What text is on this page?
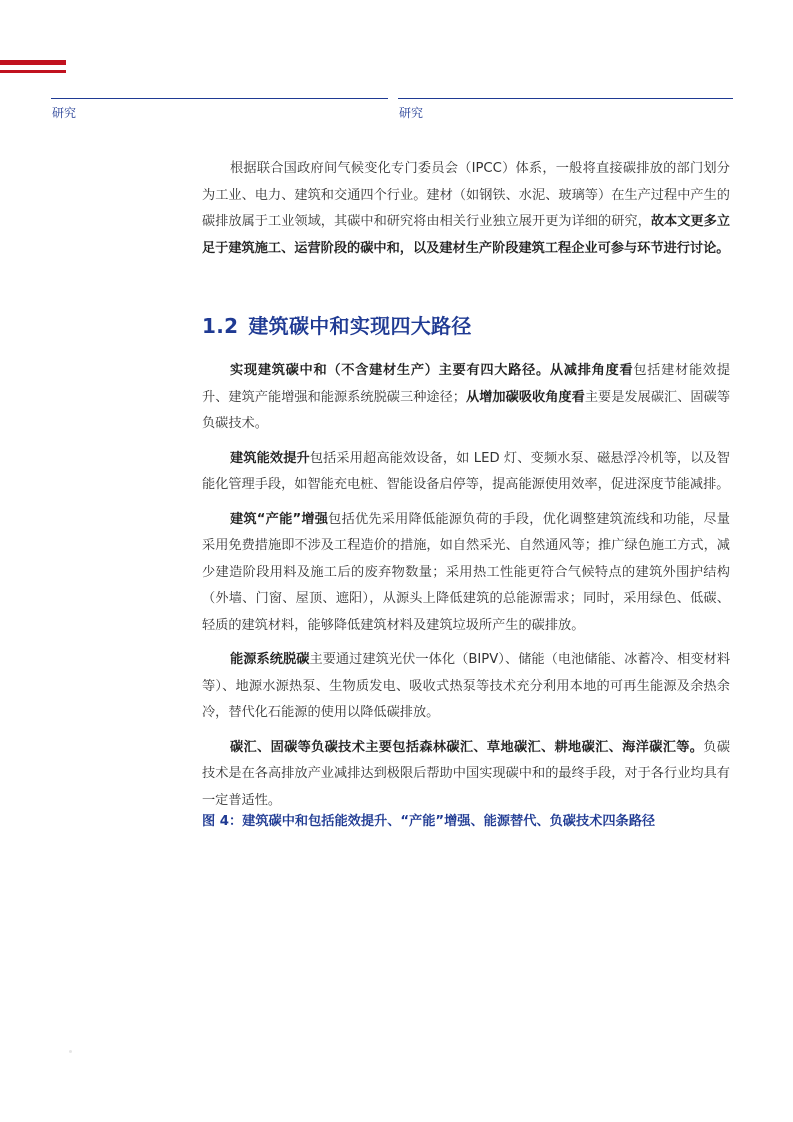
研究	研究

根据联合国政府间气候变化专门委员会（IPCC）体系，一般将直接碳排放的部门划分为工业、电力、建筑和交通四个行业。建材（如钢铁、水泥、玻璃等）在生产过程中产生的碳排放属于工业领域，其碳中和研究将由相关行业独立展开更为详细的研究，故本文更多立足于建筑施工、运营阶段的碳中和，以及建材生产阶段建筑工程企业可参与环节进行讨论。

1.2 建筑碳中和实现四大路径

实现建筑碳中和（不含建材生产）主要有四大路径。从减排角度看包括建材能效提升、建筑产能增强和能源系统脱碳三种途径；从增加碳吸收角度看主要是发展碳汇、固碳等负碳技术。

建筑能效提升包括采用超高能效设备，如 LED 灯、变频水泵、磁悬浮冷机等，以及智能化管理手段，如智能充电桩、智能设备启停等，提高能源使用效率，促进深度节能减排。

建筑“产能”增强包括优先采用降低能源负荷的手段，优化调整建筑流线和功能，尽量采用免费措施即不涉及工程造价的措施，如自然采光、自然通风等；推广绿色施工方式，减少建造阶段用料及施工后的废弃物数量；采用热工性能更符合气候特点的建筑外围护结构（外墙、门窗、屋顶、遮阳），从源头上降低建筑的总能源需求；同时，采用绿色、低碳、轻质的建筑材料，能够降低建筑材料及建筑垃圾所产生的碳排放。

能源系统脱碳主要通过建筑光伏一体化（BIPV）、储能（电池储能、冰蓄冷、相变材料等）、地源水源热泵、生物质发电、吸收式热泵等技术充分利用本地的可再生能源及余热余冷，替代化石能源的使用以降低碳排放。

碳汇、固碳等负碳技术主要包括森林碳汇、草地碳汇、耕地碳汇、海洋碳汇等。负碳技术是在各高排放产业减排达到极限后帮助中国实现碳中和的最终手段，对于各行业均具有一定普适性。

图 4：建筑碳中和包括能效提升、“产能”增强、能源替代、负碳技术四条路径
